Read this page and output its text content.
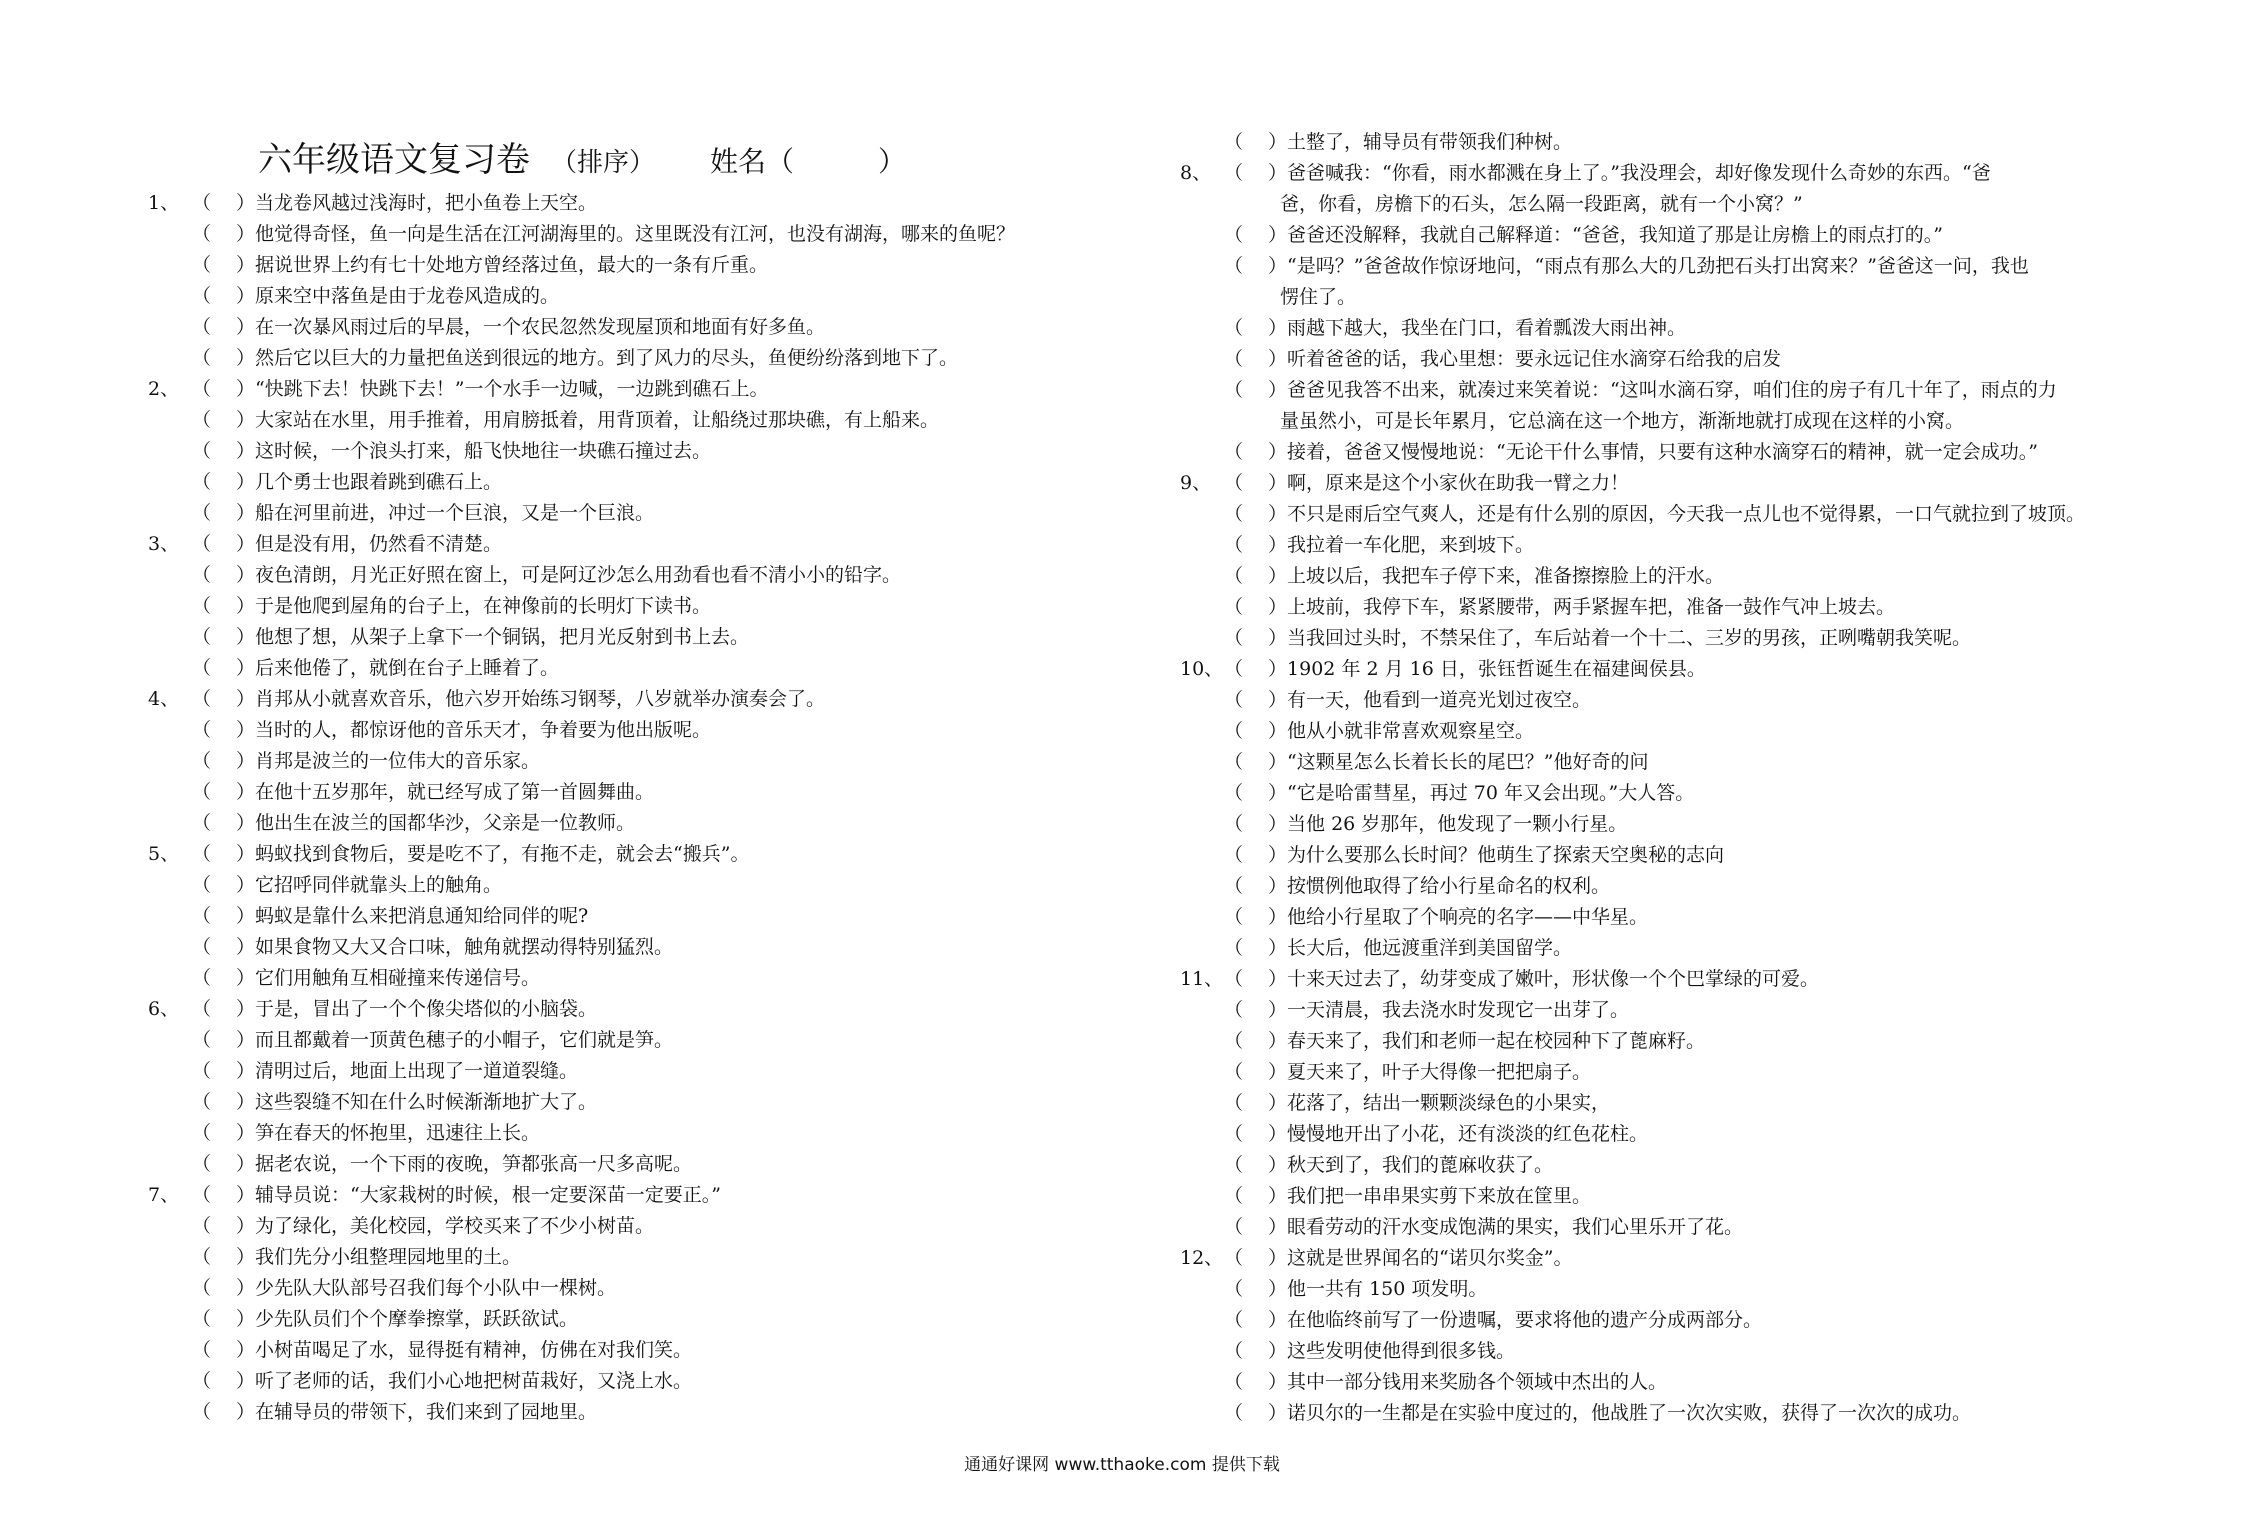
六年级语文复习卷　 （排序）　　 姓名（　　　）
1、 （　 ）当龙卷风越过浅海时，把小鱼卷上天空。
（　 ）他觉得奇怪，鱼一向是生活在江河湖海里的。这里既没有江河，也没有湖海，哪来的鱼呢？
（　 ）据说世界上约有七十处地方曾经落过鱼，最大的一条有斤重。
（　 ）原来空中落鱼是由于龙卷风造成的。
（　 ）在一次暴风雨过后的早晨，一个农民忽然发现屋顶和地面有好多鱼。
（　 ）然后它以巨大的力量把鱼送到很远的地方。到了风力的尽头，鱼便纷纷落到地下了。
2、 （　 ）“快跳下去！快跳下去！”一个水手一边喊，一边跳到礁石上。
（　 ）大家站在水里，用手推着，用肩膀抵着，用背顶着，让船绕过那块礁，有上船来。
（　 ）这时候，一个浪头打来，船飞快地往一块礁石撞过去。
（　 ）几个勇士也跟着跳到礁石上。
（　 ）船在河里前进，冲过一个巨浪，又是一个巨浪。
3、 （　 ）但是没有用，仍然看不清楚。
（　 ）夜色清朗，月光正好照在窗上，可是阿辽沙怎么用劲看也看不清小小的铅字。
（　 ）于是他爬到屋角的台子上，在神像前的长明灯下读书。
（　 ）他想了想，从架子上拿下一个铜锅，把月光反射到书上去。
（　 ）后来他倦了，就倒在台子上睡着了。
4、 （　 ）肖邦从小就喜欢音乐，他六岁开始练习钢琴，八岁就举办演奏会了。
（　 ）当时的人，都惊讶他的音乐天才，争着要为他出版呢。
（　 ）肖邦是波兰的一位伟大的音乐家。
（　 ）在他十五岁那年，就已经写成了第一首圆舞曲。
（　 ）他出生在波兰的国都华沙，父亲是一位教师。
5、 （　 ）蚂蚁找到食物后，要是吃不了，有拖不走，就会去“搬兵”。
（　 ）它招呼同伴就靠头上的触角。
（　 ）蚂蚁是靠什么来把消息通知给同伴的呢?
（　 ）如果食物又大又合口味，触角就摆动得特别猛烈。
（　 ）它们用触角互相碰撞来传递信号。
6、 （　 ）于是，冒出了一个个像尖塔似的小脑袋。
（　 ）而且都戴着一顶黄色穗子的小帽子，它们就是笋。
（　 ）清明过后，地面上出现了一道道裂缝。
（　 ）这些裂缝不知在什么时候渐渐地扩大了。
（　 ）笋在春天的怀抱里，迅速往上长。
（　 ）据老农说，一个下雨的夜晚，笋都张高一尺多高呢。
7、 （　 ）辅导员说：“大家栽树的时候，根一定要深苗一定要正。”
（　 ）为了绿化，美化校园，学校买来了不少小树苗。
（　 ）我们先分小组整理园地里的土。
（　 ）少先队大队部号召我们每个小队中一棵树。
（　 ）少先队员们个个摩拳擦掌，跃跃欲试。
（　 ）小树苗喝足了水，显得挺有精神，仿佛在对我们笑。
（　 ）听了老师的话，我们小心地把树苗栽好，又浇上水。
（　 ）在辅导员的带领下，我们来到了园地里。
（　 ）土整了，辅导员有带领我们种树。
8、 （　 ）爸爸喊我：“你看，雨水都溅在身上了。”我没理会，却好像发现什么奇妙的东西。“爸
爸，你看，房檐下的石头，怎么隔一段距离，就有一个小窝？”
（　 ）爸爸还没解释，我就自己解释道：“爸爸，我知道了那是让房檐上的雨点打的。”
（　 ）“是吗？”爸爸故作惊讶地问，“雨点有那么大的几劲把石头打出窝来？”爸爸这一问，我也
愣住了。
（　 ）雨越下越大，我坐在门口，看着瓢泼大雨出神。
（　 ）听着爸爸的话，我心里想：要永远记住水滴穿石给我的启发
（　 ）爸爸见我答不出来，就凑过来笑着说：“这叫水滴石穿，咱们住的房子有几十年了，雨点的力
量虽然小，可是长年累月，它总滴在这一个地方，渐渐地就打成现在这样的小窝。
（　 ）接着，爸爸又慢慢地说：“无论干什么事情，只要有这种水滴穿石的精神，就一定会成功。”
9、 （　 ）啊，原来是这个小家伙在助我一臂之力！
（　 ）不只是雨后空气爽人，还是有什么别的原因，今天我一点儿也不觉得累，一口气就拉到了坡顶。
（　 ）我拉着一车化肥，来到坡下。
（　 ）上坡以后，我把车子停下来，准备擦擦脸上的汗水。
（　 ）上坡前，我停下车，紧紧腰带，两手紧握车把，准备一鼓作气冲上坡去。
（　 ）当我回过头时，不禁呆住了，车后站着一个十二、三岁的男孩，正咧嘴朝我笑呢。
10、 （　 ）1902 年 2 月 16 日，张钰哲诞生在福建闽侯县。
（　 ）有一天，他看到一道亮光划过夜空。
（　 ）他从小就非常喜欢观察星空。
（　 ）“这颗星怎么长着长长的尾巴？”他好奇的问
（　 ）“它是哈雷彗星，再过 70 年又会出现。”大人答。
（　 ）当他 26 岁那年，他发现了一颗小行星。
（　 ）为什么要那么长时间？他萌生了探索天空奥秘的志向
（　 ）按惯例他取得了给小行星命名的权利。
（　 ）他给小行星取了个响亮的名字——中华星。
（　 ）长大后，他远渡重洋到美国留学。
11、 （　 ）十来天过去了，幼芽变成了嫩叶，形状像一个个巴掌绿的可爱。
（　 ）一天清晨，我去浇水时发现它一出芽了。
（　 ）春天来了，我们和老师一起在校园种下了蓖麻籽。
（　 ）夏天来了，叶子大得像一把把扇子。
（　 ）花落了，结出一颗颗淡绿色的小果实，
（　 ）慢慢地开出了小花，还有淡淡的红色花柱。
（　 ）秋天到了，我们的蓖麻收获了。
（　 ）我们把一串串果实剪下来放在筐里。
（　 ）眼看劳动的汗水变成饱满的果实，我们心里乐开了花。
12、 （　 ）这就是世界闻名的“诺贝尔奖金”。
（　 ）他一共有 150 项发明。
（　 ）在他临终前写了一份遗嘱，要求将他的遗产分成两部分。
（　 ）这些发明使他得到很多钱。
（　 ）其中一部分钱用来奖励各个领域中杰出的人。
（　 ）诺贝尔的一生都是在实验中度过的，他战胜了一次次实败，获得了一次次的成功。
通通好课网 www.tthaoke.com 提供下载
